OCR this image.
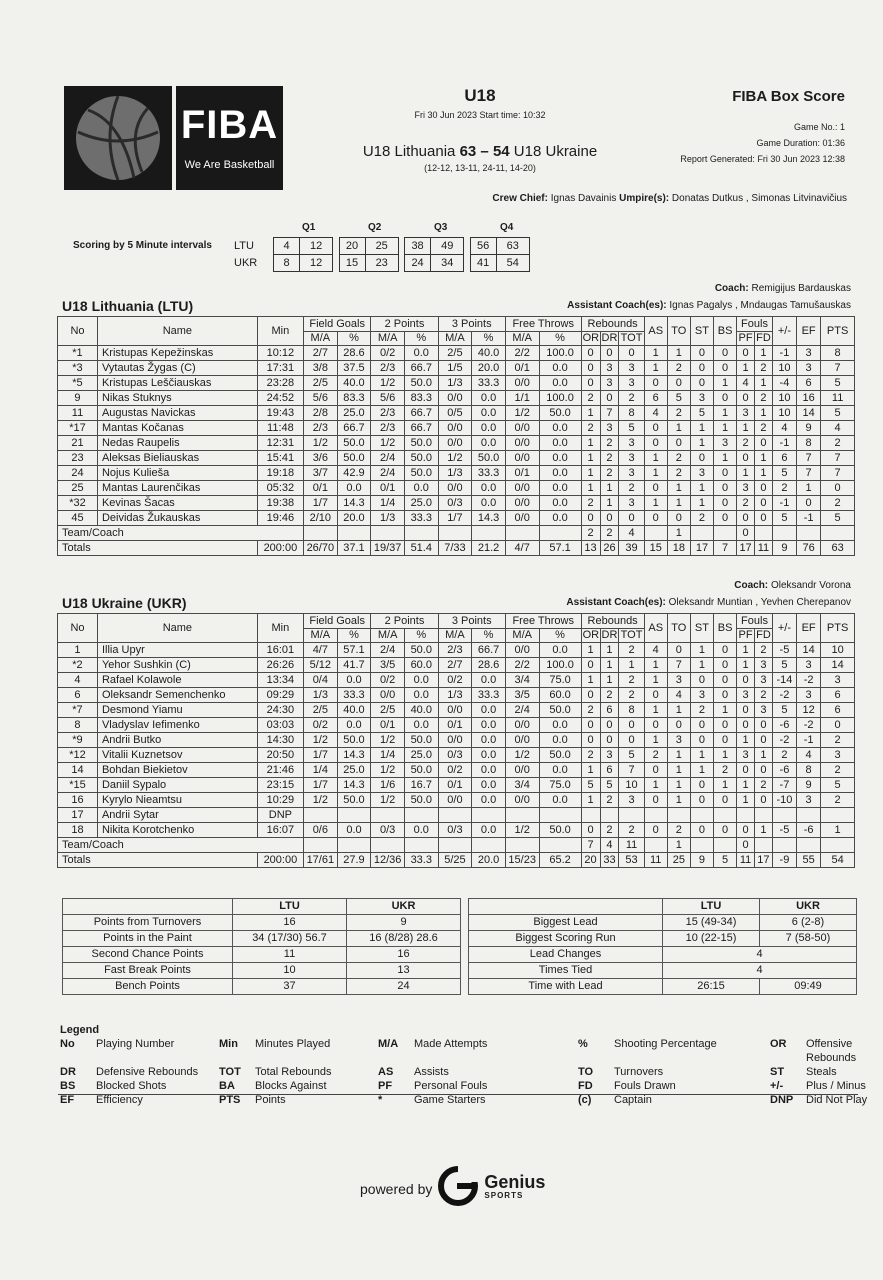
FIBA
We Are Basketball
U18
Fri 30 Jun 2023 Start time: 10:32
U18 Lithuania 63 – 54 U18 Ukraine
(12-12, 13-11, 24-11, 14-20)
FIBA Box Score
Game No.: 1
Game Duration: 01:36
Report Generated: Fri 30 Jun 2023 12:38
Crew Chief: Ignas Davainis Umpire(s): Donatas Dutkus , Simonas Litvinavičius
Scoring by 5 Minute intervals
Q1	Q2	Q3	Q4
LTU	4	12		20	25		38	49		56	63
UKR	8	12		15	23		24	34		41	54
Coach: Remigijus Bardauskas
U18 Lithuania (LTU)	Assistant Coach(es): Ignas Pagalys , Mndaugas Tamušauskas
No	Name	Min	Field Goals		2 Points		3 Points		Free Throws		Rebounds			AS	TO	ST	BS	Fouls		+/-	EF	PTS
			M/A	%	M/A	%	M/A	%	M/A	%	OR	DR	TOT					PF	FD			
*1	Kristupas Kepežinskas	10:12	2/7	28.6	0/2	0.0	2/5	40.0	2/2	100.0	0	0	0	1	1	0	0	0	1	-1	3	8
*3	Vytautas Žygas (C)	17:31	3/8	37.5	2/3	66.7	1/5	20.0	0/1	0.0	0	3	3	1	2	0	0	1	2	10	3	7
*5	Kristupas Leščiauskas	23:28	2/5	40.0	1/2	50.0	1/3	33.3	0/0	0.0	0	3	3	0	0	0	1	4	1	-4	6	5
9	Nikas Stuknys	24:52	5/6	83.3	5/6	83.3	0/0	0.0	1/1	100.0	2	0	2	6	5	3	0	0	2	10	16	11
11	Augustas Navickas	19:43	2/8	25.0	2/3	66.7	0/5	0.0	1/2	50.0	1	7	8	4	2	5	1	3	1	10	14	5
*17	Mantas Kočanas	11:48	2/3	66.7	2/3	66.7	0/0	0.0	0/0	0.0	2	3	5	0	1	1	1	1	2	4	9	4
21	Nedas Raupelis	12:31	1/2	50.0	1/2	50.0	0/0	0.0	0/0	0.0	1	2	3	0	0	1	3	2	0	-1	8	2
23	Aleksas Bieliauskas	15:41	3/6	50.0	2/4	50.0	1/2	50.0	0/0	0.0	1	2	3	1	2	0	1	0	1	6	7	7
24	Nojus Kuliеša	19:18	3/7	42.9	2/4	50.0	1/3	33.3	0/1	0.0	1	2	3	1	2	3	0	1	1	5	7	7
25	Mantas Laurenčikas	05:32	0/1	0.0	0/1	0.0	0/0	0.0	0/0	0.0	1	1	2	0	1	1	0	3	0	2	1	0
*32	Kevinas Šacas	19:38	1/7	14.3	1/4	25.0	0/3	0.0	0/0	0.0	2	1	3	1	1	1	0	2	0	-1	0	2
45	Deividas Žukauskas	19:46	2/10	20.0	1/3	33.3	1/7	14.3	0/0	0.0	0	0	0	0	0	2	0	0	0	5	-1	5
Team/Coach											2	2	4		1			0				
Totals		200:00	26/70	37.1	19/37	51.4	7/33	21.2	4/7	57.1	13	26	39	15	18	17	7	17	11	9	76	63
Coach: Oleksandr Vorona
U18 Ukraine (UKR)	Assistant Coach(es): Oleksandr Muntian , Yevhen Cherepanov
No	Name	Min	Field Goals		2 Points		3 Points		Free Throws		Rebounds			AS	TO	ST	BS	Fouls		+/-	EF	PTS
			M/A	%	M/A	%	M/A	%	M/A	%	OR	DR	TOT					PF	FD			
1	Illia Upyr	16:01	4/7	57.1	2/4	50.0	2/3	66.7	0/0	0.0	1	1	2	4	0	1	0	1	2	-5	14	10
*2	Yehor Sushkin (C)	26:26	5/12	41.7	3/5	60.0	2/7	28.6	2/2	100.0	0	1	1	1	7	1	0	1	3	5	3	14
4	Rafael Kolawole	13:34	0/4	0.0	0/2	0.0	0/2	0.0	3/4	75.0	1	1	2	1	3	0	0	0	3	-14	-2	3
6	Oleksandr Semenchenko	09:29	1/3	33.3	0/0	0.0	1/3	33.3	3/5	60.0	0	2	2	0	4	3	0	3	2	-2	3	6
*7	Desmond Yiamu	24:30	2/5	40.0	2/5	40.0	0/0	0.0	2/4	50.0	2	6	8	1	1	2	1	0	3	5	12	6
8	Vladyslav Iefimenko	03:03	0/2	0.0	0/1	0.0	0/1	0.0	0/0	0.0	0	0	0	0	0	0	0	0	0	-6	-2	0
*9	Andrii Butko	14:30	1/2	50.0	1/2	50.0	0/0	0.0	0/0	0.0	0	0	0	1	3	0	0	1	0	-2	-1	2
*12	Vitalii Kuznetsov	20:50	1/7	14.3	1/4	25.0	0/3	0.0	1/2	50.0	2	3	5	2	1	1	1	3	1	2	4	3
14	Bohdan Biekietov	21:46	1/4	25.0	1/2	50.0	0/2	0.0	0/0	0.0	1	6	7	0	1	1	2	0	0	-6	8	2
*15	Daniil Sypalo	23:15	1/7	14.3	1/6	16.7	0/1	0.0	3/4	75.0	5	5	10	1	1	0	1	1	2	-7	9	5
16	Kyrylo Nieamtsu	10:29	1/2	50.0	1/2	50.0	0/0	0.0	0/0	0.0	1	2	3	0	1	0	0	1	0	-10	3	2
17	Andrii Sytar	DNP																				
18	Nikita Korotchenko	16:07	0/6	0.0	0/3	0.0	0/3	0.0	1/2	50.0	0	2	2	0	2	0	0	0	1	-5	-6	1
Team/Coach											7	4	11		1			0				
Totals		200:00	17/61	27.9	12/36	33.3	5/25	20.0	15/23	65.2	20	33	53	11	25	9	5	11	17	-9	55	54
	LTU	UKR
Points from Turnovers	16	9
Points in the Paint	34 (17/30) 56.7	16 (8/28) 28.6
Second Chance Points	11	16
Fast Break Points	10	13
Bench Points	37	24
	LTU	UKR
Biggest Lead	15 (49-34)	6 (2-8)
Biggest Scoring Run	10 (22-15)	7 (58-50)
Lead Changes	4	
Times Tied	4	
Time with Lead	26:15	09:49
Legend
No	Playing Number	Min	Minutes Played	M/A	Made Attempts	%	Shooting Percentage	OR	Offensive Rebounds
DR	Defensive Rebounds	TOT	Total Rebounds	AS	Assists	TO	Turnovers	ST	Steals
BS	Blocked Shots	BA	Blocks Against	PF	Personal Fouls	FD	Fouls Drawn	+/-	Plus / Minus
EF	Efficiency	PTS	Points	*	Game Starters	(c)	Captain	DNP	Did Not Play
powered by	Genius
SPORTS
